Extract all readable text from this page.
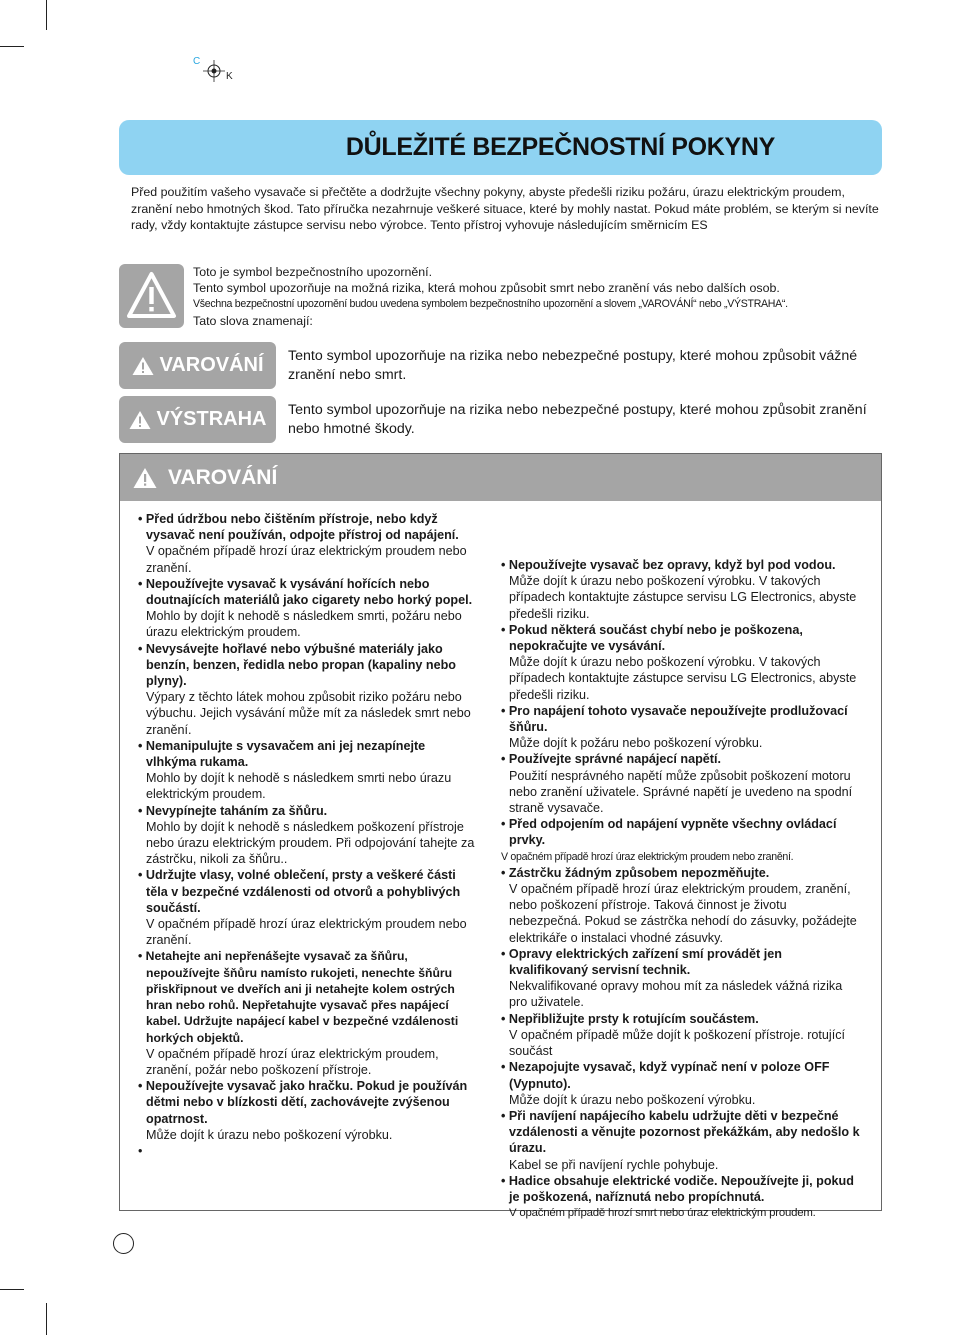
C
K
DŮLEŽITÉ BEZPEČNOSTNÍ POKYNY

Před použitím vašeho vysavače si přečtěte a dodržujte všechny pokyny, abyste předešli riziku požáru, úrazu elektrickým proudem, zranění nebo hmotných škod. Tato příručka nezahrnuje veškeré situace, které by mohly nastat. Pokud máte problém, se kterým si nevíte rady, vždy kontaktujte zástupce servisu nebo výrobce. Tento přístroj vyhovuje následujícím směrnicím ES

Toto je symbol bezpečnostního upozornění.
Tento symbol upozorňuje na možná rizika, která mohou způsobit smrt nebo zranění vás nebo dalších osob.
Všechna bezpečnostní upozornění budou uvedena symbolem bezpečnostního upozornění a slovem „VAROVÁNÍ“ nebo „VÝSTRAHA“.
Tato slova znamenají:
VAROVÁNÍ Tento symbol upozorňuje na rizika nebo nebezpečné postupy, které mohou způsobit vážné zranění nebo smrt.
VÝSTRAHA Tento symbol upozorňuje na rizika nebo nebezpečné postupy, které mohou způsobit zranění nebo hmotné škody.
VAROVÁNÍ
• Před údržbou nebo čištěním přístroje, nebo když vysavač není používán, odpojte přístroj od napájení.
V opačném případě hrozí úraz elektrickým proudem nebo zranění.
• Nepoužívejte vysavač k vysávání hořících nebo doutnajících materiálů jako cigarety nebo horký popel.
Mohlo by dojít k nehodě s následkem smrti, požáru nebo úrazu elektrickým proudem.
• Nevysávejte hořlavé nebo výbušné materiály jako benzín, benzen, ředidla nebo propan (kapaliny nebo plyny).
Výpary z těchto látek mohou způsobit riziko požáru nebo výbuchu. Jejich vysávání může mít za následek smrt nebo zranění.
• Nemanipulujte s vysavačem ani jej nezapínejte vlhkýma rukama.
Mohlo by dojít k nehodě s následkem smrti nebo úrazu elektrickým proudem.
• Nevypínejte taháním za šňůru.
Mohlo by dojít k nehodě s následkem poškození přístroje nebo úrazu elektrickým proudem. Při odpojování tahejte za zástrčku, nikoli za šňůru..
• Udržujte vlasy, volné oblečení, prsty a veškeré části těla v bezpečné vzdálenosti od otvorů a pohyblivých součástí.
V opačném případě hrozí úraz elektrickým proudem nebo zranění.
• Netahejte ani nepřenášejte vysavač za šňůru, nepoužívejte šňůru namísto rukojeti, nenechte šňůru přiskřipnout ve dveřích ani ji netahejte kolem ostrých hran nebo rohů. Nepřetahujte vysavač přes napájecí kabel. Udržujte napájecí kabel v bezpečné vzdálenosti horkých objektů.
V opačném případě hrozí úraz elektrickým proudem, zranění, požár nebo poškození přístroje.
• Nepoužívejte vysavač jako hračku. Pokud je používán dětmi nebo v blízkosti dětí, zachovávejte zvýšenou opatrnost.
Může dojít k úrazu nebo poškození výrobku.
•
• Nepoužívejte vysavač bez opravy, když byl pod vodou.
Může dojít k úrazu nebo poškození výrobku. V takových případech kontaktujte zástupce servisu LG Electronics, abyste předešli riziku.
• Pokud některá součást chybí nebo je poškozena, nepokračujte ve vysávání.
Může dojít k úrazu nebo poškození výrobku. V takových případech kontaktujte zástupce servisu LG Electronics, abyste předešli riziku.
• Pro napájení tohoto vysavače nepoužívejte prodlužovací šňůru.
Může dojít k požáru nebo poškození výrobku.
• Používejte správné napájecí napětí.
Použití nesprávného napětí může způsobit poškození motoru nebo zranění uživatele. Správné napětí je uvedeno na spodní straně vysavače.
• Před odpojením od napájení vypněte všechny ovládací prvky.
V opačném případě hrozí úraz elektrickým proudem nebo zranění.
• Zástrčku žádným způsobem nepozměňujte.
V opačném případě hrozí úraz elektrickým proudem, zranění, nebo poškození přístroje. Taková činnost je životu nebezpečná. Pokud se zástrčka nehodí do zásuvky, požádejte elektrikáře o instalaci vhodné zásuvky.
• Opravy elektrických zařízení smí provádět jen kvalifikovaný servisní technik.
Nekvalifikované opravy mohou mít za následek vážná rizika pro uživatele.
• Nepřibližujte prsty k rotujícím součástem.
V opačném případě může dojít k poškození přístroje. rotující součást
• Nezapojujte vysavač, když vypínač není v poloze OFF (Vypnuto).
Může dojít k úrazu nebo poškození výrobku.
• Při navíjení napájecího kabelu udržujte děti v bezpečné vzdálenosti a věnujte pozornost překážkám, aby nedošlo k úrazu.
Kabel se při navíjení rychle pohybuje.
• Hadice obsahuje elektrické vodiče. Nepoužívejte ji, pokud je poškozená, naříznutá nebo propíchnutá.
V opačném případě hrozí smrt nebo úraz elektrickým proudem.
